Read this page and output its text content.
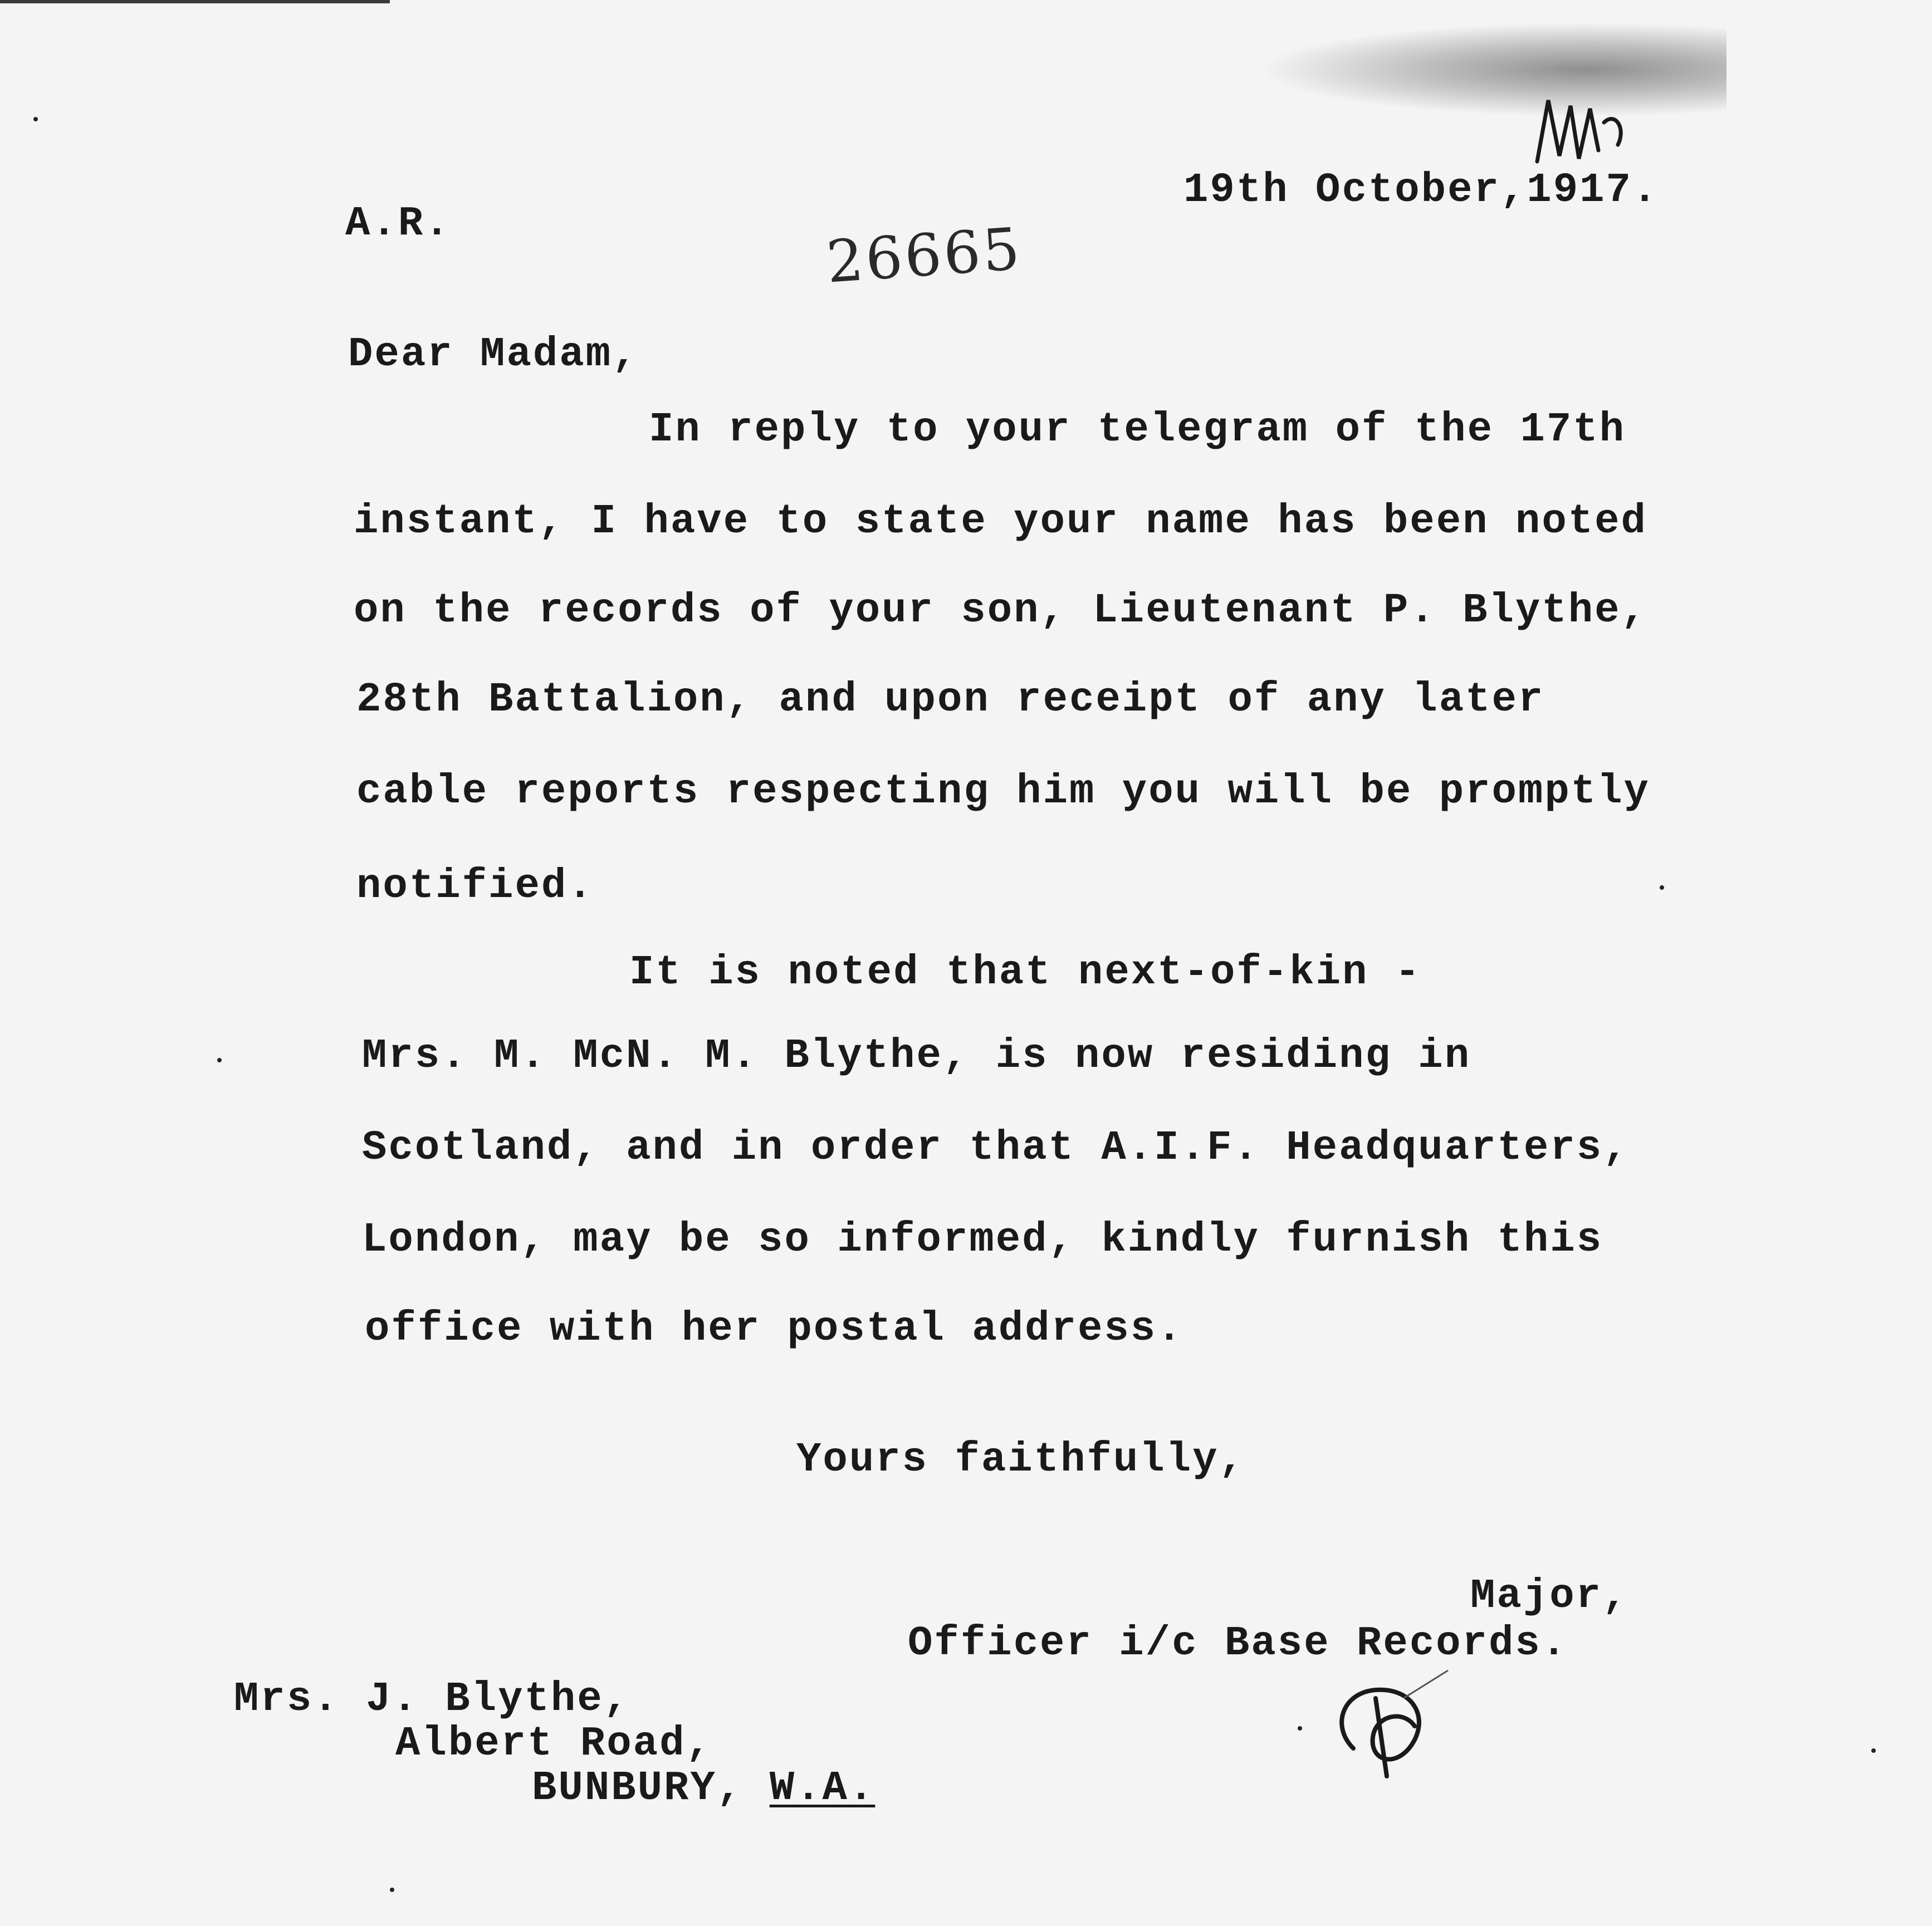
A.R.
19th October,1917.
26665
Dear Madam,
In reply to your telegram of the 17th
instant, I have to state your name has been noted
on the records of your son, Lieutenant P. Blythe,
28th Battalion, and upon receipt of any later
cable reports respecting him you will be promptly
notified.
It is noted that next-of-kin -
Mrs. M. McN. M. Blythe, is now residing in
Scotland, and in order that A.I.F. Headquarters,
London, may be so informed, kindly furnish this
office with her postal address.
Yours faithfully,
Major,
Officer i/c Base Records.
Mrs. J. Blythe,
Albert Road,
BUNBURY, W.A.
